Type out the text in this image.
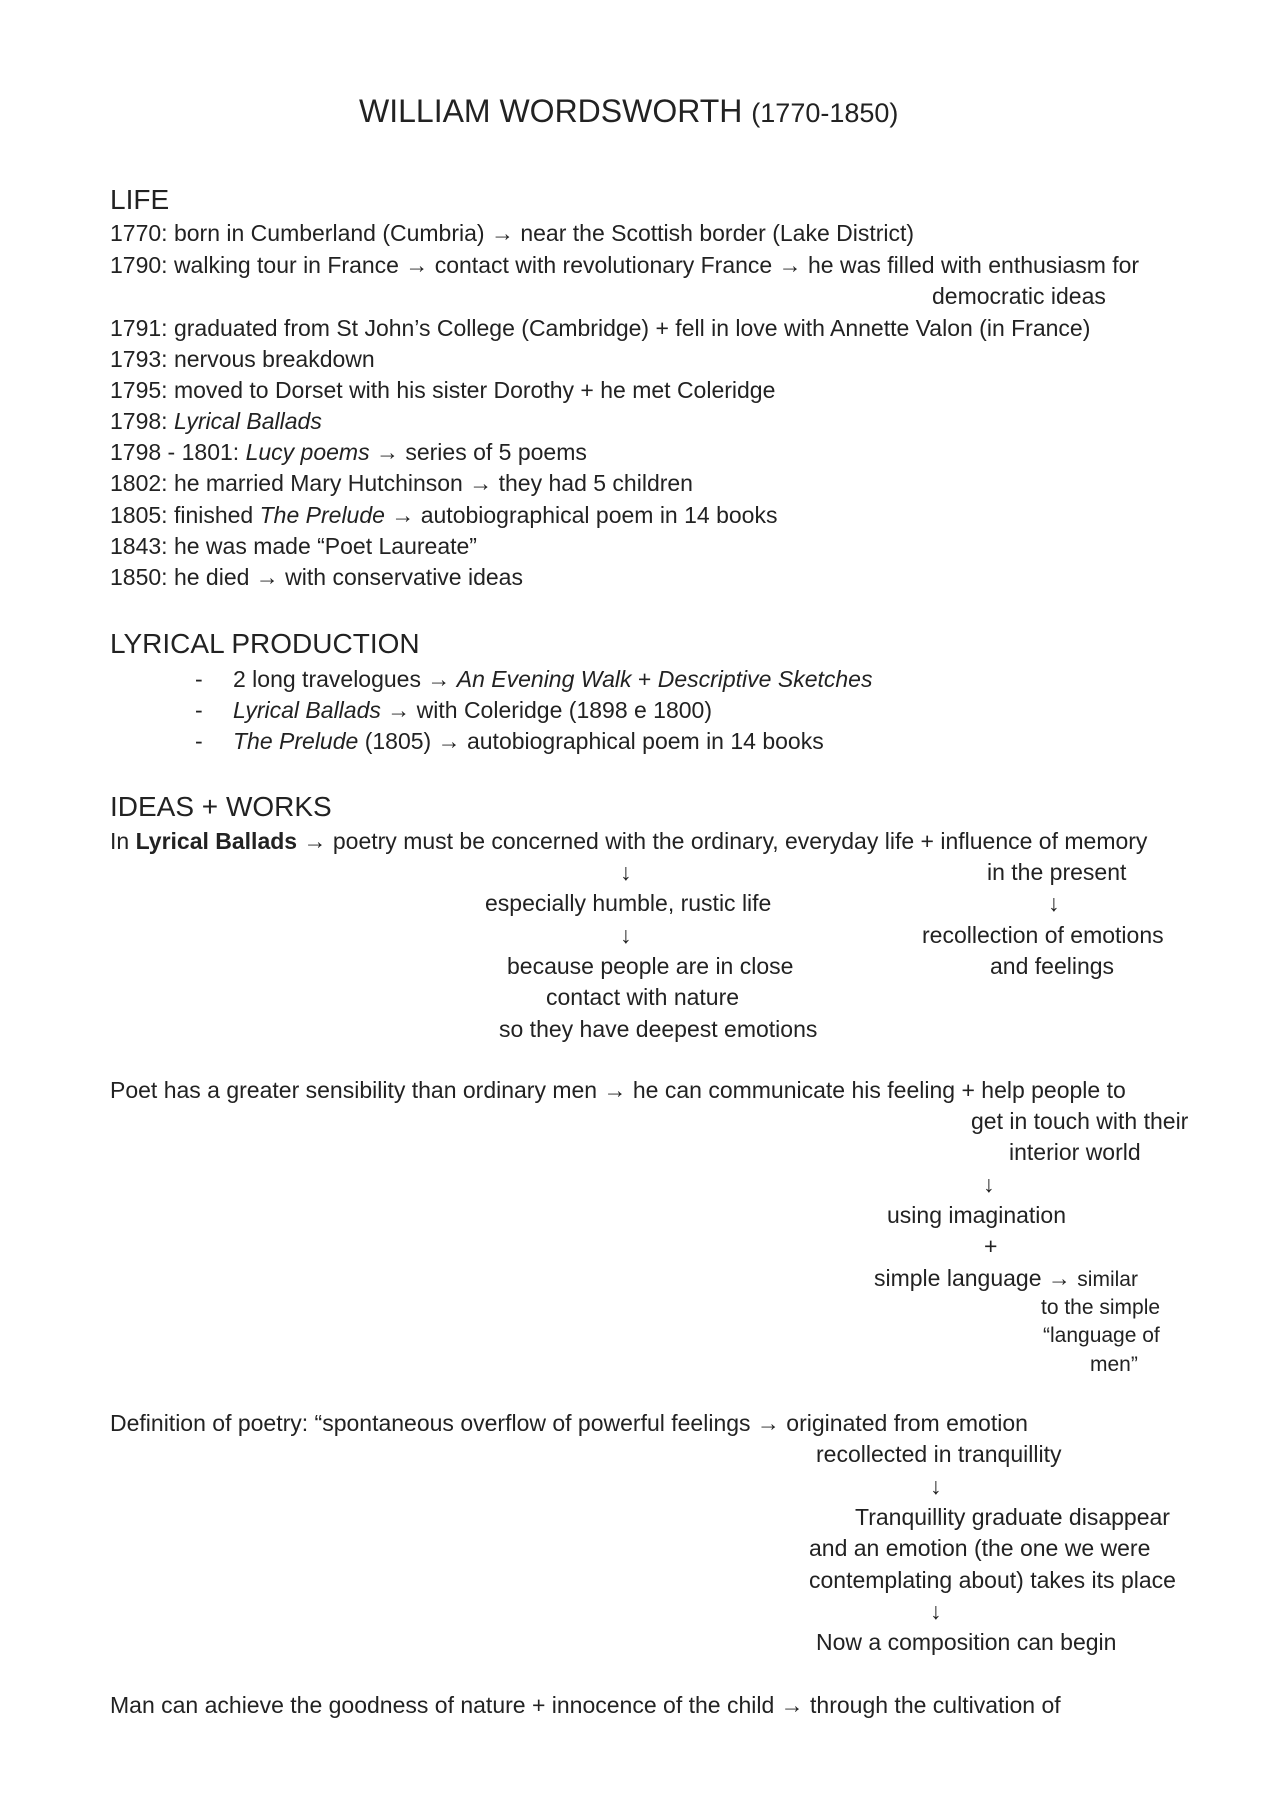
WILLIAM WORDSWORTH (1770-1850)
LIFE
1770: born in Cumberland (Cumbria) → near the Scottish border (Lake District)
1790: walking tour in France → contact with revolutionary France → he was filled with enthusiasm for
democratic ideas
1791: graduated from St John’s College (Cambridge) + fell in love with Annette Valon (in France)
1793: nervous breakdown
1795: moved to Dorset with his sister Dorothy + he met Coleridge
1798: Lyrical Ballads
1798 - 1801: Lucy poems → series of 5 poems
1802: he married Mary Hutchinson → they had 5 children
1805: finished The Prelude → autobiographical poem in 14 books
1843: he was made “Poet Laureate”
1850: he died → with conservative ideas
LYRICAL PRODUCTION
- 2 long travelogues → An Evening Walk + Descriptive Sketches
- Lyrical Ballads → with Coleridge (1898 e 1800)
- The Prelude (1805) → autobiographical poem in 14 books
IDEAS + WORKS
In Lyrical Ballads → poetry must be concerned with the ordinary, everyday life + influence of memory
↓
especially humble, rustic life
↓
because people are in close
contact with nature
so they have deepest emotions
in the present
↓
recollection of emotions
and feelings
Poet has a greater sensibility than ordinary men → he can communicate his feeling + help people to
get in touch with their
interior world
↓
using imagination
+
simple language → similar
to the simple
“language of
men”
Definition of poetry: “spontaneous overflow of powerful feelings → originated from emotion
recollected in tranquillity
↓
Tranquillity graduate disappear
and an emotion (the one we were
contemplating about) takes its place
↓
Now a composition can begin
Man can achieve the goodness of nature + innocence of the child → through the cultivation of
